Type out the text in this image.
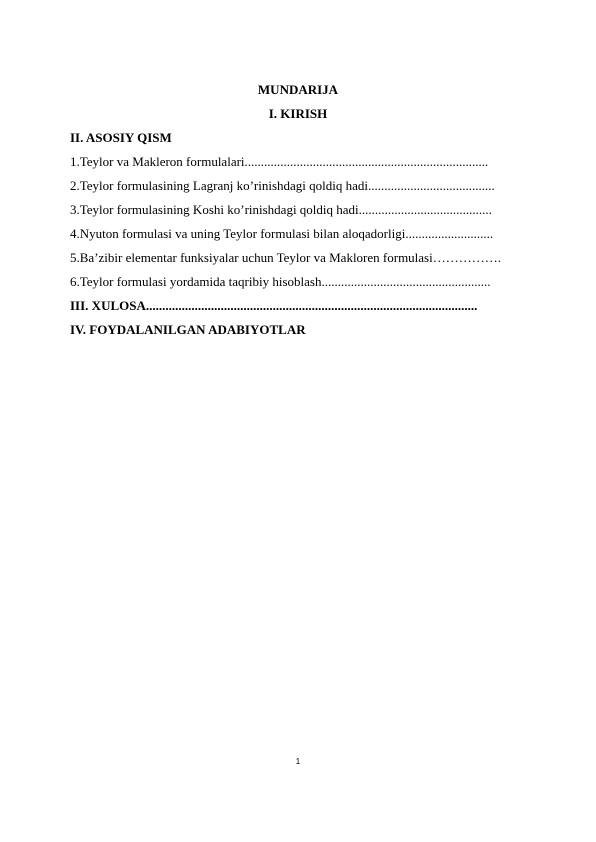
MUNDARIJA

I. KIRISH

II. ASOSIY QISM

1.Teylor va Makleron formulalari...........................................................................

2.Teylor formulasining Lagranj ko’rinishdagi qoldiq hadi.......................................

3.Teylor formulasining Koshi ko’rinishdagi qoldiq hadi.........................................

4.Nyuton formulasi va uning Teylor formulasi bilan aloqadorligi...........................

5.Ba’zibir elementar funksiyalar uchun Teylor va Makloren formulasi…………….

6.Teylor formulasi yordamida taqribiy hisoblash....................................................

III. XULOSA......................................................................................................

IV. FOYDALANILGAN ADABIYOTLAR

1
